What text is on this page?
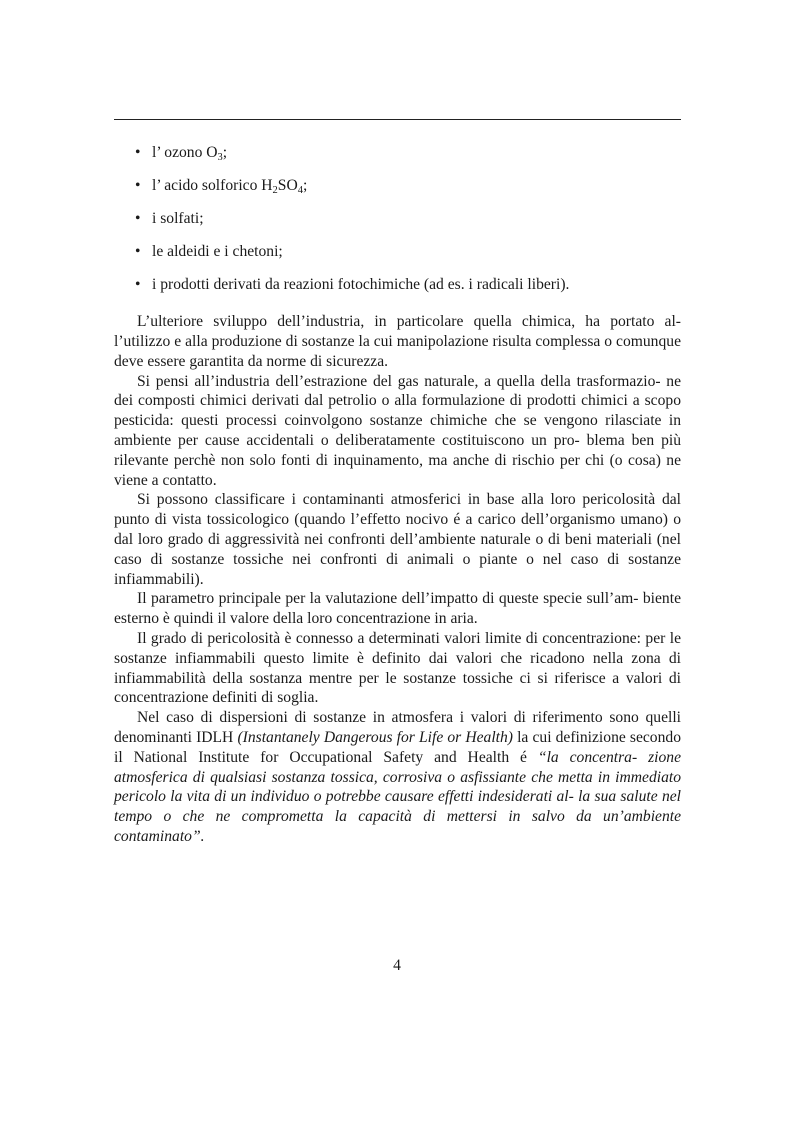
• l’ ozono $O_3$;
• l’ acido solforico $H_2SO_4$;
• i solfati;
• le aldeidi e i chetoni;
• i prodotti derivati da reazioni fotochimiche (ad es. i radicali liberi).

L’ulteriore sviluppo dell’industria, in particolare quella chimica, ha portato al- l’utilizzo e alla produzione di sostanze la cui manipolazione risulta complessa o comunque deve essere garantita da norme di sicurezza.

Si pensi all’industria dell’estrazione del gas naturale, a quella della trasformazio- ne dei composti chimici derivati dal petrolio o alla formulazione di prodotti chimici a scopo pesticida: questi processi coinvolgono sostanze chimiche che se vengono rilasciate in ambiente per cause accidentali o deliberatamente costituiscono un pro- blema ben più rilevante perchè non solo fonti di inquinamento, ma anche di rischio per chi (o cosa) ne viene a contatto.

Si possono classificare i contaminanti atmosferici in base alla loro pericolosità dal punto di vista tossicologico (quando l’effetto nocivo é a carico dell’organismo umano) o dal loro grado di aggressività nei confronti dell’ambiente naturale o di beni materiali (nel caso di sostanze tossiche nei confronti di animali o piante o nel caso di sostanze infiammabili).

Il parametro principale per la valutazione dell’impatto di queste specie sull’am- biente esterno è quindi il valore della loro concentrazione in aria.

Il grado di pericolosità è connesso a determinati valori limite di concentrazione: per le sostanze infiammabili questo limite è definito dai valori che ricadono nella zona di infiammabilità della sostanza mentre per le sostanze tossiche ci si riferisce a valori di concentrazione definiti di soglia.

Nel caso di dispersioni di sostanze in atmosfera i valori di riferimento sono quelli denominanti IDLH (Instantanely Dangerous for Life or Health) la cui definizione secondo il National Institute for Occupational Safety and Health é “la concentra- zione atmosferica di qualsiasi sostanza tossica, corrosiva o asfissiante che metta in immediato pericolo la vita di un individuo o potrebbe causare effetti indesiderati al- la sua salute nel tempo o che ne comprometta la capacità di mettersi in salvo da un’ambiente contaminato”.

4
